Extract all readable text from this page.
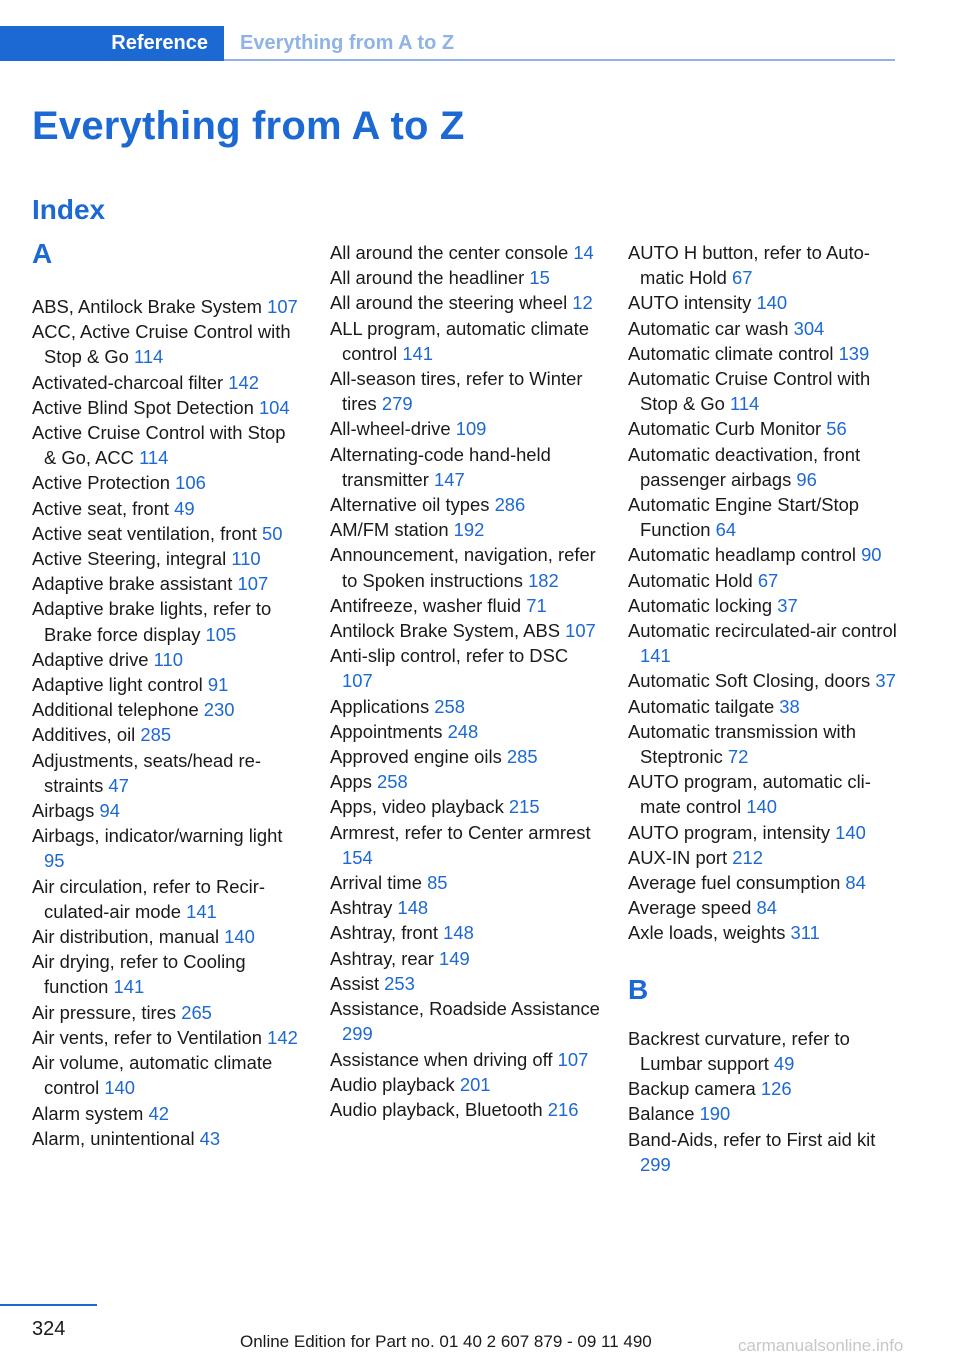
Reference	Everything from A to Z
Everything from A to Z
Index
A
ABS, Antilock Brake System 107
ACC, Active Cruise Control with Stop & Go 114
Activated-charcoal filter 142
Active Blind Spot Detection 104
Active Cruise Control with Stop & Go, ACC 114
Active Protection 106
Active seat, front 49
Active seat ventilation, front 50
Active Steering, integral 110
Adaptive brake assistant 107
Adaptive brake lights, refer to Brake force display 105
Adaptive drive 110
Adaptive light control 91
Additional telephone 230
Additives, oil 285
Adjustments, seats/head restraints 47
Airbags 94
Airbags, indicator/warning light 95
Air circulation, refer to Recirculated-air mode 141
Air distribution, manual 140
Air drying, refer to Cooling function 141
Air pressure, tires 265
Air vents, refer to Ventilation 142
Air volume, automatic climate control 140
Alarm system 42
Alarm, unintentional 43
All around the center console 14
All around the headliner 15
All around the steering wheel 12
ALL program, automatic climate control 141
All-season tires, refer to Winter tires 279
All-wheel-drive 109
Alternating-code hand-held transmitter 147
Alternative oil types 286
AM/FM station 192
Announcement, navigation, refer to Spoken instructions 182
Antifreeze, washer fluid 71
Antilock Brake System, ABS 107
Anti-slip control, refer to DSC 107
Applications 258
Appointments 248
Approved engine oils 285
Apps 258
Apps, video playback 215
Armrest, refer to Center armrest 154
Arrival time 85
Ashtray 148
Ashtray, front 148
Ashtray, rear 149
Assist 253
Assistance, Roadside Assistance 299
Assistance when driving off 107
Audio playback 201
Audio playback, Bluetooth 216
AUTO H button, refer to Automatic Hold 67
AUTO intensity 140
Automatic car wash 304
Automatic climate control 139
Automatic Cruise Control with Stop & Go 114
Automatic Curb Monitor 56
Automatic deactivation, front passenger airbags 96
Automatic Engine Start/Stop Function 64
Automatic headlamp control 90
Automatic Hold 67
Automatic locking 37
Automatic recirculated-air control 141
Automatic Soft Closing, doors 37
Automatic tailgate 38
Automatic transmission with Steptronic 72
AUTO program, automatic climate control 140
AUTO program, intensity 140
AUX-IN port 212
Average fuel consumption 84
Average speed 84
Axle loads, weights 311
B
Backrest curvature, refer to Lumbar support 49
Backup camera 126
Balance 190
Band-Aids, refer to First aid kit 299
324
Online Edition for Part no. 01 40 2 607 879 - 09 11 490	carmanualsonline.info
